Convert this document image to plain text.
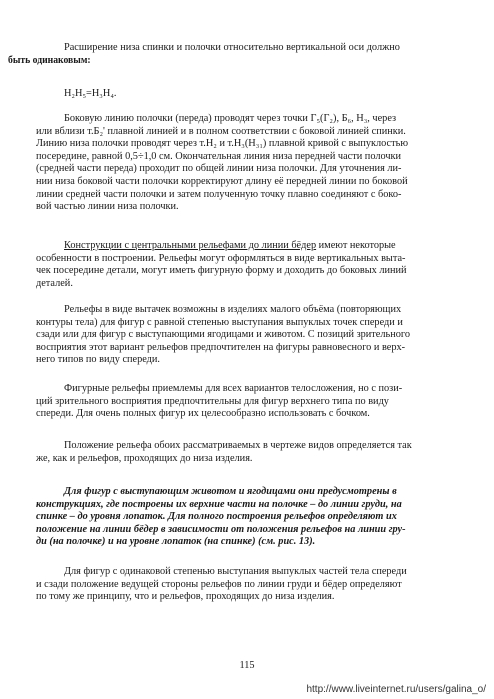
Расширение низа спинки и полочки относительно вертикальной оси должно
быть одинаковым:

Н₂Н₅=Н₃Н₄.

Боковую линию полочки (переда) проводят через точки Г₅(Г₂), Б₆, Н₃, через
или вблизи т.Б₂' плавной линией и в полном соответствии с боковой линией спинки.
Линию низа полочки проводят через т.Н₂ и т.Н₃(Н₃₁) плавной кривой с выпуклостью
посередине, равной 0,5÷1,0 см. Окончательная линия низа передней части полочки
(средней части переда) проходит по общей линии низа полочки. Для уточнения ли-
нии низа боковой части полочки корректируют длину её передней линии по боковой
линии средней части полочки и затем полученную точку плавно соединяют с боко-
вой частью линии низа полочки.

Конструкции с центральными рельефами до линии бёдер имеют некоторые
особенности в построении. Рельефы могут оформляться в виде вертикальных выта-
чек посередине детали, могут иметь фигурную форму и доходить до боковых линий
деталей.

Рельефы в виде вытачек возможны в изделиях малого объёма (повторяющих
контуры тела) для фигур с равной степенью выступания выпуклых точек спереди и
сзади или для фигур с выступающими ягодицами и животом. С позиций зрительного
восприятия этот вариант рельефов предпочтителен на фигуры равновесного и верх-
него типов по виду спереди.

Фигурные рельефы приемлемы для всех вариантов телосложения, но с пози-
ций зрительного восприятия предпочтительны для фигур верхнего типа по виду
спереди. Для очень полных фигур их целесообразно использовать с бочком.

Положение рельефа обоих рассматриваемых в чертеже видов определяется так
же, как и рельефов, проходящих до низа изделия.

Для фигур с выступающим животом и ягодицами они предусмотрены в
конструкциях, где построены их верхние части на полочке – до линии груди, на
спинке – до уровня лопаток. Для полного построения рельефов определяют их
положение на линии бёдер в зависимости от положения рельефов на линии гру-
ди (на полочке) и на уровне лопаток (на спинке) (см. рис. 13).

Для фигур с одинаковой степенью выступания выпуклых частей тела спереди
и сзади положение ведущей стороны рельефов по линии груди и бёдер определяют
по тому же принципу, что и рельефов, проходящих до низа изделия.

115
http://www.liveinternet.ru/users/galina_o/
